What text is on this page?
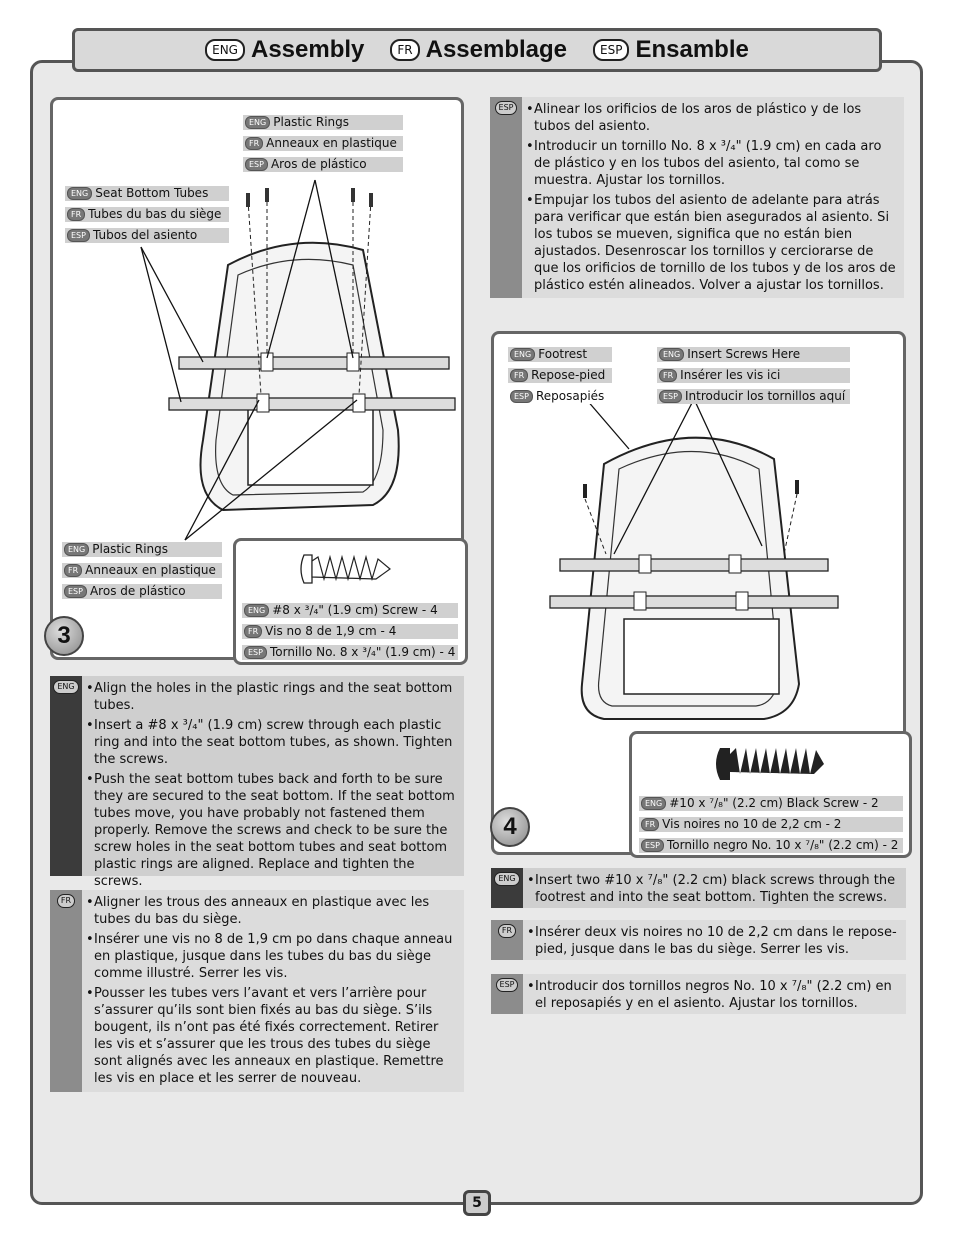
ENG Assembly	FR Assemblage	ESP Ensamble
ENG Plastic Rings
FR Anneaux en plastique
ESP Aros de plástico
ENG Seat Bottom Tubes
FR Tubes du bas du siège
ESP Tubos del asiento
ENG Plastic Rings
FR Anneaux en plastique
ESP Aros de plástico
3
ENG #8 x ³/₄" (1.9 cm) Screw - 4
FR Vis no 8 de 1,9 cm - 4
ESP Tornillo No. 8 x ³/₄" (1.9 cm) - 4
ENG	• Align the holes in the plastic rings and the seat bottom tubes.
• Insert a #8 x ³/₄" (1.9 cm) screw through each plastic ring and into the seat bottom tubes, as shown. Tighten the screws.
• Push the seat bottom tubes back and forth to be sure they are secured to the seat bottom. If the seat bottom tubes move, you have probably not fastened them properly. Remove the screws and check to be sure the screw holes in the seat bottom tubes and seat bottom plastic rings are aligned. Replace and tighten the screws.
FR	• Aligner les trous des anneaux en plastique avec les tubes du bas du siège.
• Insérer une vis no 8 de 1,9 cm po dans chaque anneau en plastique, jusque dans les tubes du bas du siège comme illustré. Serrer les vis.
• Pousser les tubes vers l’avant et vers l’arrière pour s’assurer qu’ils sont bien fixés au bas du siège. S’ils bougent, ils n’ont pas été fixés correctement. Retirer les vis et s’assurer que les trous des tubes du siège sont alignés avec les anneaux en plastique. Remettre les vis en place et les serrer de nouveau.
ESP	• Alinear los orificios de los aros de plástico y de los tubos del asiento.
• Introducir un tornillo No. 8 x ³/₄" (1.9 cm) en cada aro de plástico y en los tubos del asiento, tal como se muestra. Ajustar los tornillos.
• Empujar los tubos del asiento de adelante para atrás para verificar que están bien asegurados al asiento. Si los tubos se mueven, significa que no están bien ajustados. Desenroscar los tornillos y cerciorarse de que los orificios de tornillo de los tubos y de los aros de plástico estén alineados. Volver a ajustar los tornillos.
ENG Footrest
FR Repose-pied
ESP Reposapiés
ENG Insert Screws Here
FR Insérer les vis ici
ESP Introducir los tornillos aquí
4
ENG #10 x ⁷/₈" (2.2 cm) Black Screw - 2
FR Vis noires no 10 de 2,2 cm - 2
ESP Tornillo negro No. 10 x ⁷/₈" (2.2 cm) - 2
ENG	• Insert two #10 x ⁷/₈" (2.2 cm) black screws through the footrest and into the seat bottom. Tighten the screws.
FR	• Insérer deux vis noires no 10 de 2,2 cm dans le repose-pied, jusque dans le bas du siège. Serrer les vis.
ESP	• Introducir dos tornillos negros No. 10 x ⁷/₈" (2.2 cm) en el reposapiés y en el asiento. Ajustar los tornillos.
5
